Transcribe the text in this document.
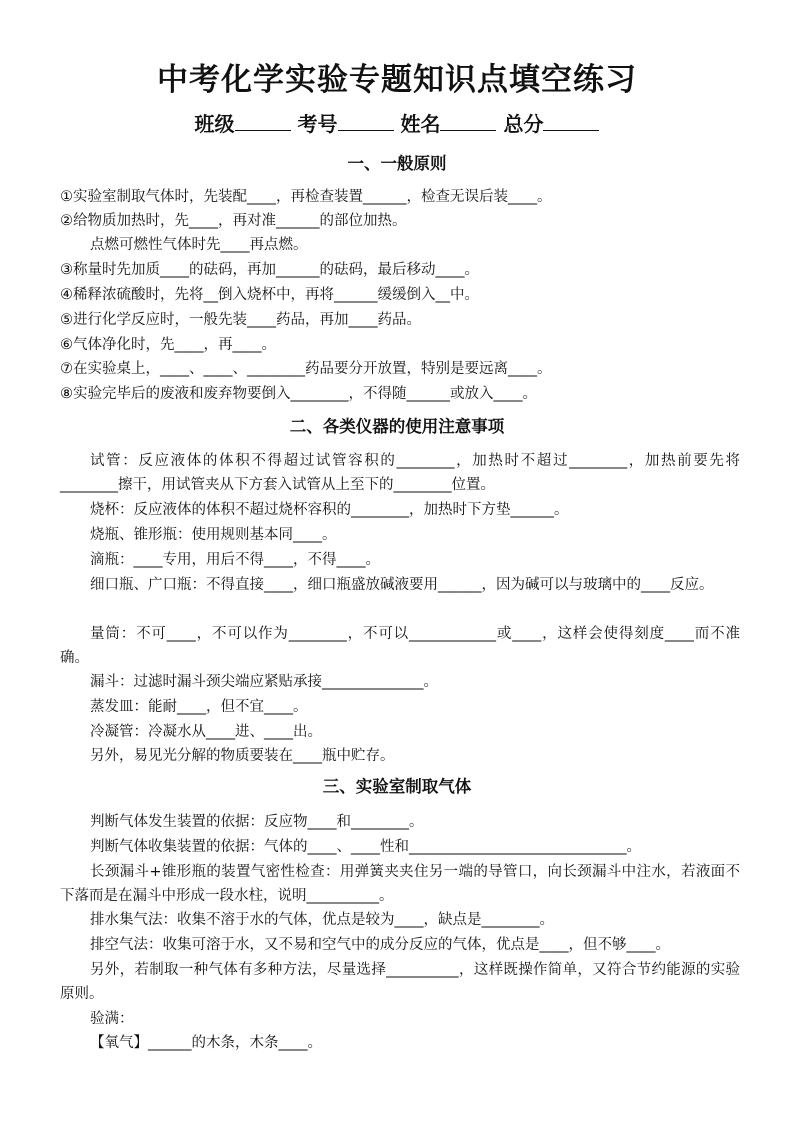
中考化学实验专题知识点填空练习
班级	考号	姓名	总分
一、一般原则
①实验室制取气体时，先装配____，再检查装置______，检查无误后装____。
②给物质加热时，先____，再对准______的部位加热。
点燃可燃性气体时先____再点燃。
③称量时先加质____的砝码，再加______的砝码，最后移动____。
④稀释浓硫酸时，先将__倒入烧杯中，再将______缓缓倒入__中。
⑤进行化学反应时，一般先装____药品，再加____药品。
⑥气体净化时，先____，再____。
⑦在实验桌上，____、____、________药品要分开放置，特别是要远离____。
⑧实验完毕后的废液和废弃物要倒入________，不得随______或放入____。
二、各类仪器的使用注意事项
试管：反应液体的体积不得超过试管容积的________，加热时不超过________，加热前要先将________擦干，用试管夹从下方套入试管从上至下的________位置。
烧杯：反应液体的体积不超过烧杯容积的________，加热时下方垫______。
烧瓶、锥形瓶：使用规则基本同____。
滴瓶：____专用，用后不得____，不得____。
细口瓶、广口瓶：不得直接____，细口瓶盛放碱液要用______，因为碱可以与玻璃中的____反应。
量筒：不可____，不可以作为________，不可以____________或____，这样会使得刻度____而不准确。
漏斗：过滤时漏斗颈尖端应紧贴承接______________。
蒸发皿：能耐____，但不宜____。
冷凝管：冷凝水从____进、____出。
另外，易见光分解的物质要装在____瓶中贮存。
三、实验室制取气体
判断气体发生装置的依据：反应物____和________。
判断气体收集装置的依据：气体的____、____性和______________________________。
长颈漏斗+锥形瓶的装置气密性检查：用弹簧夹夹住另一端的导管口，向长颈漏斗中注水，若液面不下落而是在漏斗中形成一段水柱，说明__________。
排水集气法：收集不溶于水的气体，优点是较为____，缺点是________。
排空气法：收集可溶于水，又不易和空气中的成分反应的气体，优点是____，但不够____。
另外，若制取一种气体有多种方法，尽量选择__________，这样既操作简单，又符合节约能源的实验原则。
验满：
【氧气】______的木条，木条____。
